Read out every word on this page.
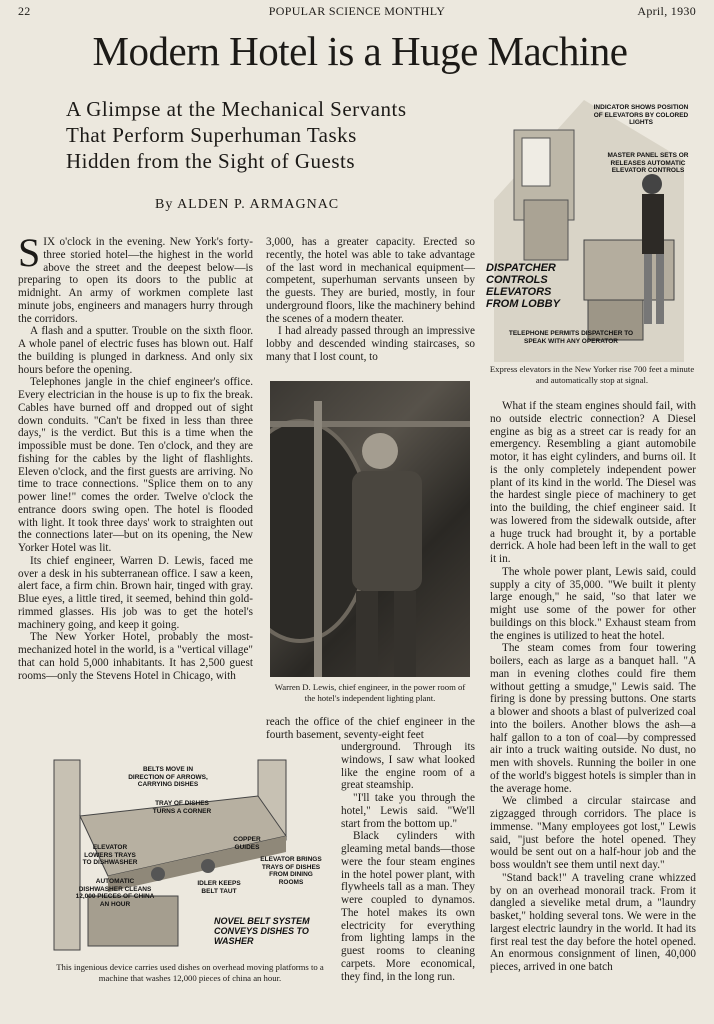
22	POPULAR SCIENCE MONTHLY	April, 1930
Modern Hotel is a Huge Machine
A Glimpse at the Mechanical Servants
That Perform Superhuman Tasks
Hidden from the Sight of Guests
By ALDEN P. ARMAGNAC
INDICATOR SHOWS POSITION OF ELEVATORS BY COLORED LIGHTS
MASTER PANEL SETS OR RELEASES AUTOMATIC ELEVATOR CONTROLS
DISPATCHER CONTROLS ELEVATORS FROM LOBBY
TELEPHONE PERMITS DISPATCHER TO SPEAK WITH ANY OPERATOR
Express elevators in the New Yorker rise 700 feet a minute and automatically stop at signal.

SIX o'clock in the evening. New York's forty-three storied hotel—the highest in the world above the street and the deepest below—is preparing to open its doors to the public at midnight. An army of workmen complete last minute jobs, engineers and managers hurry through the corridors.

A flash and a sputter. Trouble on the sixth floor. A whole panel of electric fuses has blown out. Half the building is plunged in darkness. And only six hours before the opening.

Telephones jangle in the chief engineer's office. Every electrician in the house is up to fix the break. Cables have burned off and dropped out of sight down conduits. "Can't be fixed in less than three days," is the verdict. But this is a time when the impossible must be done. Ten o'clock, and they are fishing for the cables by the light of flashlights. Eleven o'clock, and the first guests are arriving. No time to trace connections. "Splice them on to any power line!" comes the order. Twelve o'clock the entrance doors swing open. The hotel is flooded with light. It took three days' work to straighten out the connections later—but on its opening, the New Yorker Hotel was lit.

Its chief engineer, Warren D. Lewis, faced me over a desk in his subterranean office. I saw a keen, alert face, a firm chin. Brown hair, tinged with gray. Blue eyes, a little tired, it seemed, behind thin gold-rimmed glasses. His job was to get the hotel's machinery going, and keep it going.

The New Yorker Hotel, probably the most-mechanized hotel in the world, is a "vertical village" that can hold 5,000 inhabitants. It has 2,500 guest rooms—only the Stevens Hotel in Chicago, with

3,000, has a greater capacity. Erected so recently, the hotel was able to take advantage of the last word in mechanical equipment—competent, superhuman servants unseen by the guests. They are buried, mostly, in four underground floors, like the machinery behind the scenes of a modern theater.

I had already passed through an impressive lobby and descended winding staircases, so many that I lost count, to

Warren D. Lewis, chief engineer, in the power room of the hotel's independent lighting plant.

reach the office of the chief engineer in the fourth basement, seventy-eight feet

BELTS MOVE IN DIRECTION OF ARROWS, CARRYING DISHES
TRAY OF DISHES TURNS A CORNER
COPPER GUIDES
ELEVATOR LOWERS TRAYS TO DISHWASHER	ELEVATOR BRINGS TRAYS OF DISHES FROM DINING ROOMS
IDLER KEEPS BELT TAUT
AUTOMATIC DISHWASHER CLEANS 12,000 PIECES OF CHINA AN HOUR
NOVEL BELT SYSTEM CONVEYS DISHES TO WASHER
This ingenious device carries used dishes on overhead moving platforms to a machine that washes 12,000 pieces of china an hour.

underground. Through its windows, I saw what looked like the engine room of a great steamship.

"I'll take you through the hotel," Lewis said. "We'll start from the bottom up."

Black cylinders with gleaming metal bands—those were the four steam engines in the hotel power plant, with flywheels tall as a man. They were coupled to dynamos. The hotel makes its own electricity for everything from lighting lamps in the guest rooms to cleaning carpets. More economical, they find, in the long run.

What if the steam engines should fail, with no outside electric connection? A Diesel engine as big as a street car is ready for an emergency. Resembling a giant automobile motor, it has eight cylinders, and burns oil. It is the only completely independent power plant of its kind in the world. The Diesel was the hardest single piece of machinery to get into the building, the chief engineer said. It was lowered from the sidewalk outside, after a huge truck had brought it, by a portable derrick. A hole had been left in the wall to get it in.

The whole power plant, Lewis said, could supply a city of 35,000. "We built it plenty large enough," he said, "so that later we might use some of the power for other buildings on this block." Exhaust steam from the engines is utilized to heat the hotel.

The steam comes from four towering boilers, each as large as a banquet hall. "A man in evening clothes could fire them without getting a smudge," Lewis said. The firing is done by pressing buttons. One starts a blower and shoots a blast of pulverized coal into the boilers. Another blows the ash—a half gallon to a ton of coal—by compressed air into a truck waiting outside. No dust, no men with shovels. Running the boiler in one of the world's biggest hotels is simpler than in the average home.

We climbed a circular staircase and zigzagged through corridors. The place is immense. "Many employees got lost," Lewis said, "just before the hotel opened. They would be sent out on a half-hour job and the boss wouldn't see them until next day."

"Stand back!" A traveling crane whizzed by on an overhead monorail track. From it dangled a sievelike metal drum, a "laundry basket," holding several tons. We were in the largest electric laundry in the world. It had its first real test the day before the hotel opened. An enormous consignment of linen, 40,000 pieces, arrived in one batch
